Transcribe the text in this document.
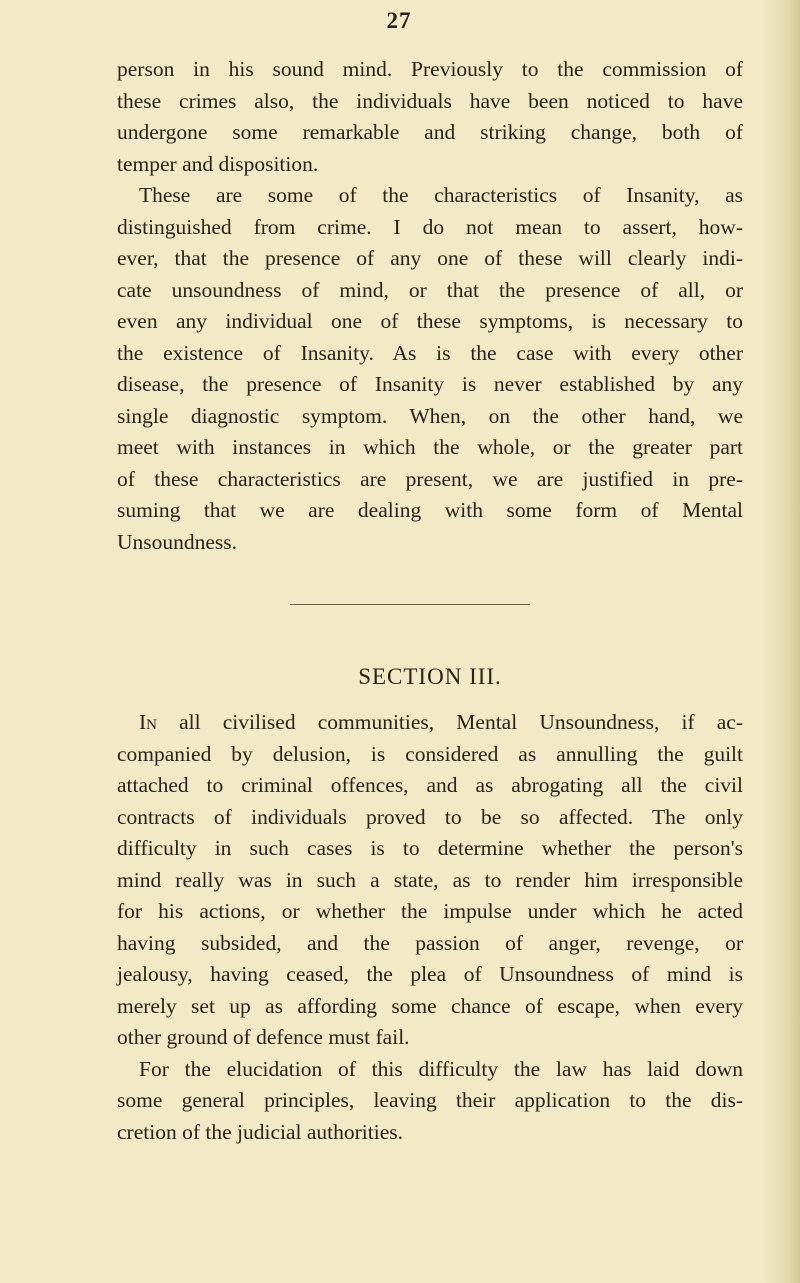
27
person in his sound mind. Previously to the commission of
these crimes also, the individuals have been noticed to have
undergone some remarkable and striking change, both of
temper and disposition.
These are some of the characteristics of Insanity, as
distinguished from crime. I do not mean to assert, how-
ever, that the presence of any one of these will clearly indi-
cate unsoundness of mind, or that the presence of all, or
even any individual one of these symptoms, is necessary to
the existence of Insanity. As is the case with every other
disease, the presence of Insanity is never established by any
single diagnostic symptom. When, on the other hand, we
meet with instances in which the whole, or the greater part
of these characteristics are present, we are justified in pre-
suming that we are dealing with some form of Mental
Unsoundness.
SECTION III.
In all civilised communities, Mental Unsoundness, if ac-
companied by delusion, is considered as annulling the guilt
attached to criminal offences, and as abrogating all the civil
contracts of individuals proved to be so affected. The only
difficulty in such cases is to determine whether the person's
mind really was in such a state, as to render him irresponsible
for his actions, or whether the impulse under which he acted
having subsided, and the passion of anger, revenge, or
jealousy, having ceased, the plea of Unsoundness of mind is
merely set up as affording some chance of escape, when every
other ground of defence must fail.
For the elucidation of this difficulty the law has laid down
some general principles, leaving their application to the dis-
cretion of the judicial authorities.
